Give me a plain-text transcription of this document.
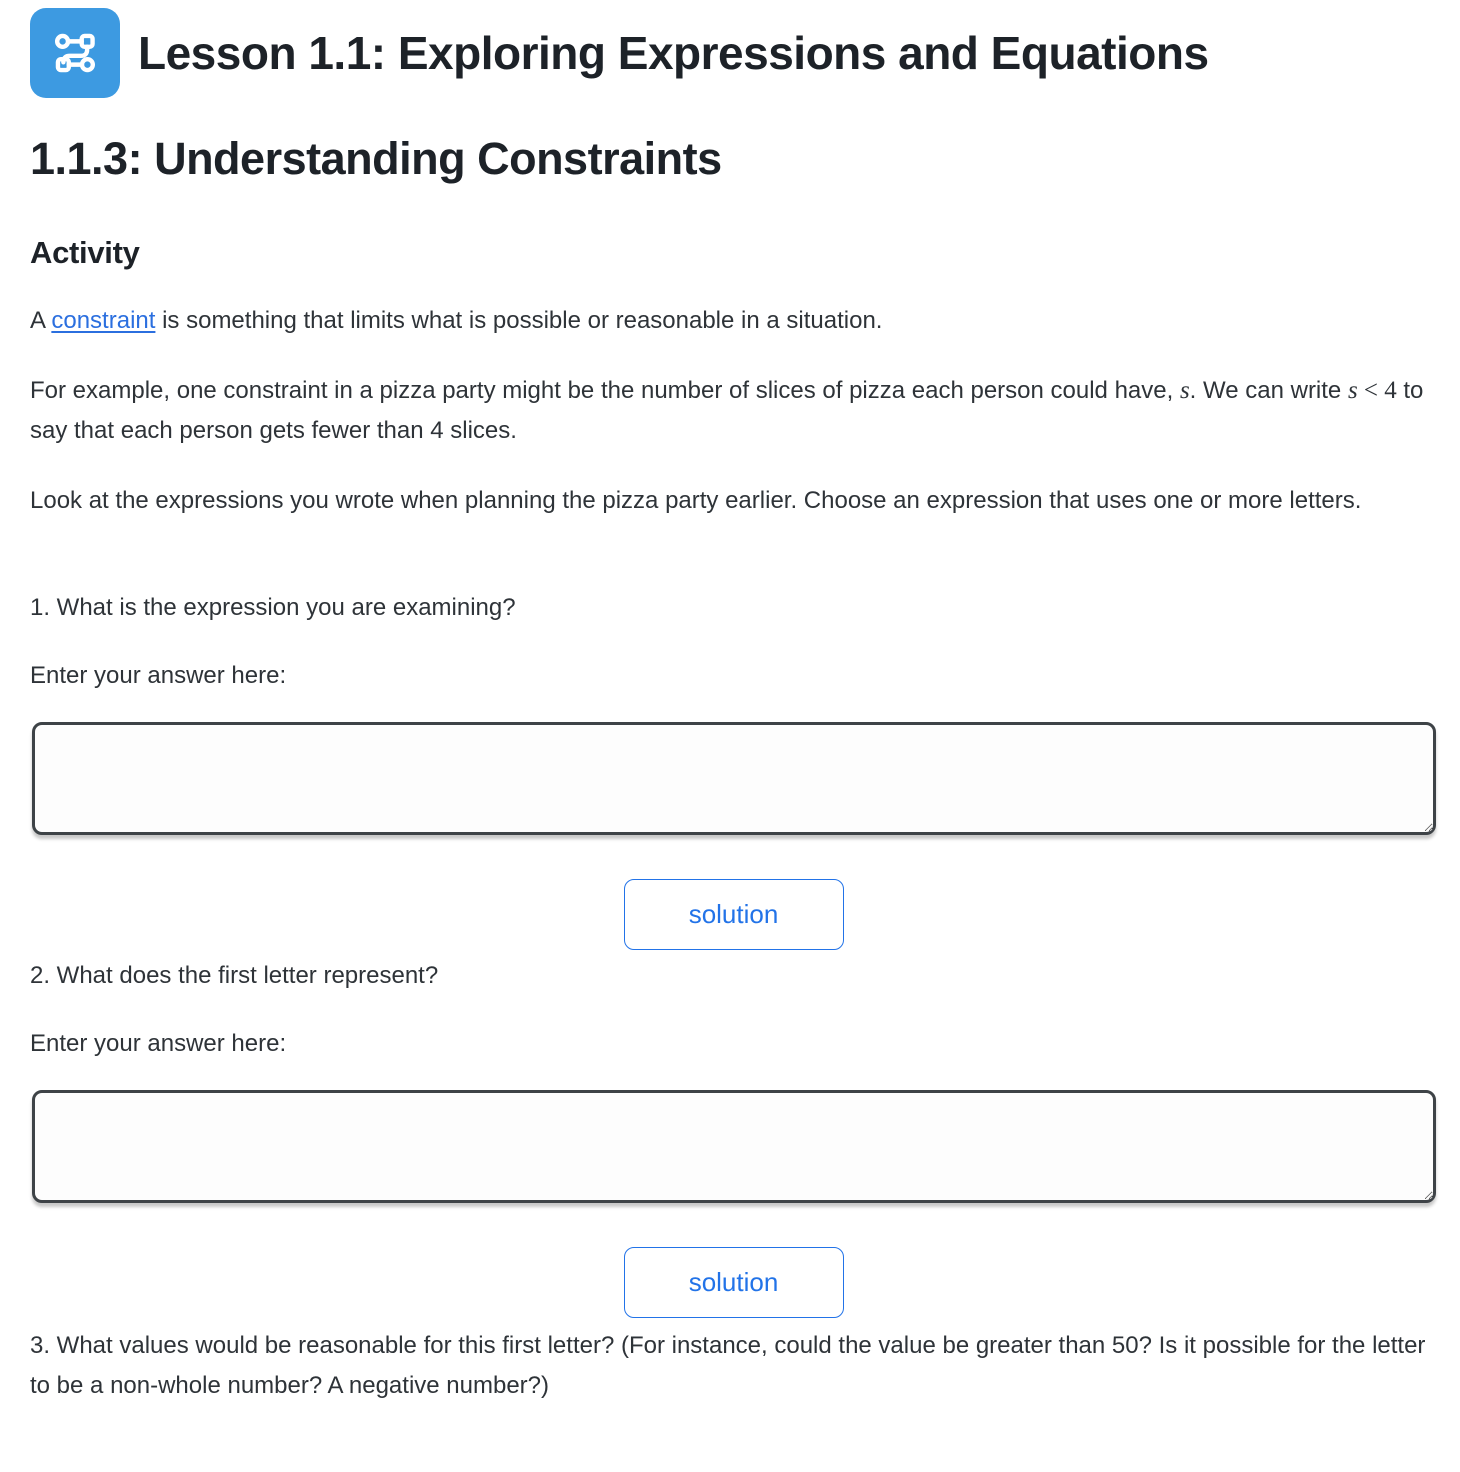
Lesson 1.1: Exploring Expressions and Equations
1.1.3: Understanding Constraints
Activity

A constraint is something that limits what is possible or reasonable in a situation.

For example, one constraint in a pizza party might be the number of slices of pizza each person could have, s. We can write s < 4 to say that each person gets fewer than 4 slices.

Look at the expressions you wrote when planning the pizza party earlier. Choose an expression that uses one or more letters.

1. What is the expression you are examining?

Enter your answer here:

solution

2. What does the first letter represent?

Enter your answer here:

solution

3. What values would be reasonable for this first letter? (For instance, could the value be greater than 50? Is it possible for the letter to be a non-whole number? A negative number?)
